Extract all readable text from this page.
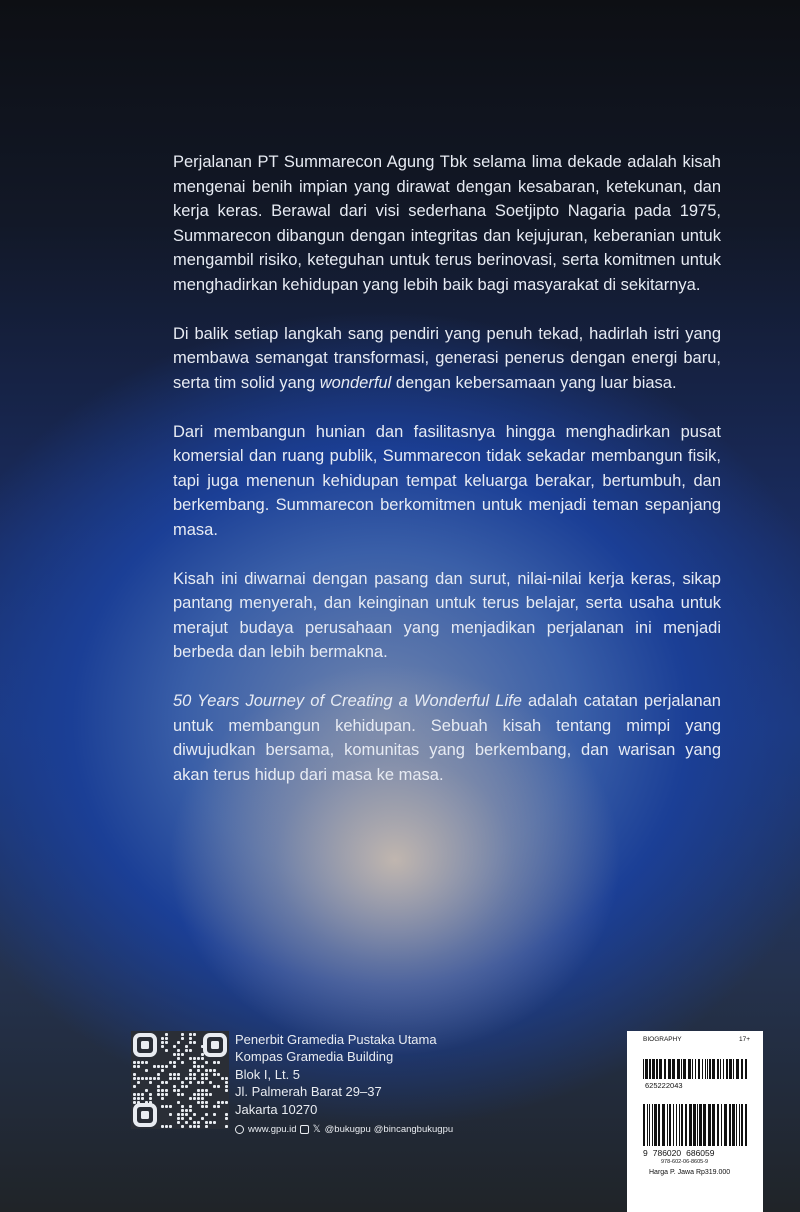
Perjalanan PT Summarecon Agung Tbk selama lima dekade adalah kisah mengenai benih impian yang dirawat dengan kesabaran, ketekunan, dan kerja keras. Berawal dari visi sederhana Soetjipto Nagaria pada 1975, Summarecon dibangun dengan integritas dan kejujuran, keberanian untuk mengambil risiko, keteguhan untuk terus berinovasi, serta komitmen untuk menghadirkan kehidupan yang lebih baik bagi masyarakat di sekitarnya.

Di balik setiap langkah sang pendiri yang penuh tekad, hadirlah istri yang membawa semangat transformasi, generasi penerus dengan energi baru, serta tim solid yang wonderful dengan kebersamaan yang luar biasa.

Dari membangun hunian dan fasilitasnya hingga menghadirkan pusat komersial dan ruang publik, Summarecon tidak sekadar membangun fisik, tapi juga menenun kehidupan tempat keluarga berakar, bertumbuh, dan berkembang. Summarecon berkomitmen untuk menjadi teman sepanjang masa.

Kisah ini diwarnai dengan pasang dan surut, nilai-nilai kerja keras, sikap pantang menyerah, dan keinginan untuk terus belajar, serta usaha untuk merajut budaya perusahaan yang menjadikan perjalanan ini menjadi berbeda dan lebih bermakna.

50 Years Journey of Creating a Wonderful Life adalah catatan perjalanan untuk membangun kehidupan. Sebuah kisah tentang mimpi yang diwujudkan bersama, komunitas yang berkembang, dan warisan yang akan terus hidup dari masa ke masa.

Penerbit Gramedia Pustaka Utama
Kompas Gramedia Building
Blok I, Lt. 5
Jl. Palmerah Barat 29–37
Jakarta 10270
www.gpu.id 𝕏 @bukugpu @bincangbukugpu
BIOGRAPHY	17+
625222043
9 786020 686059
978-602-06-8605-9
Harga P. Jawa Rp319.000
